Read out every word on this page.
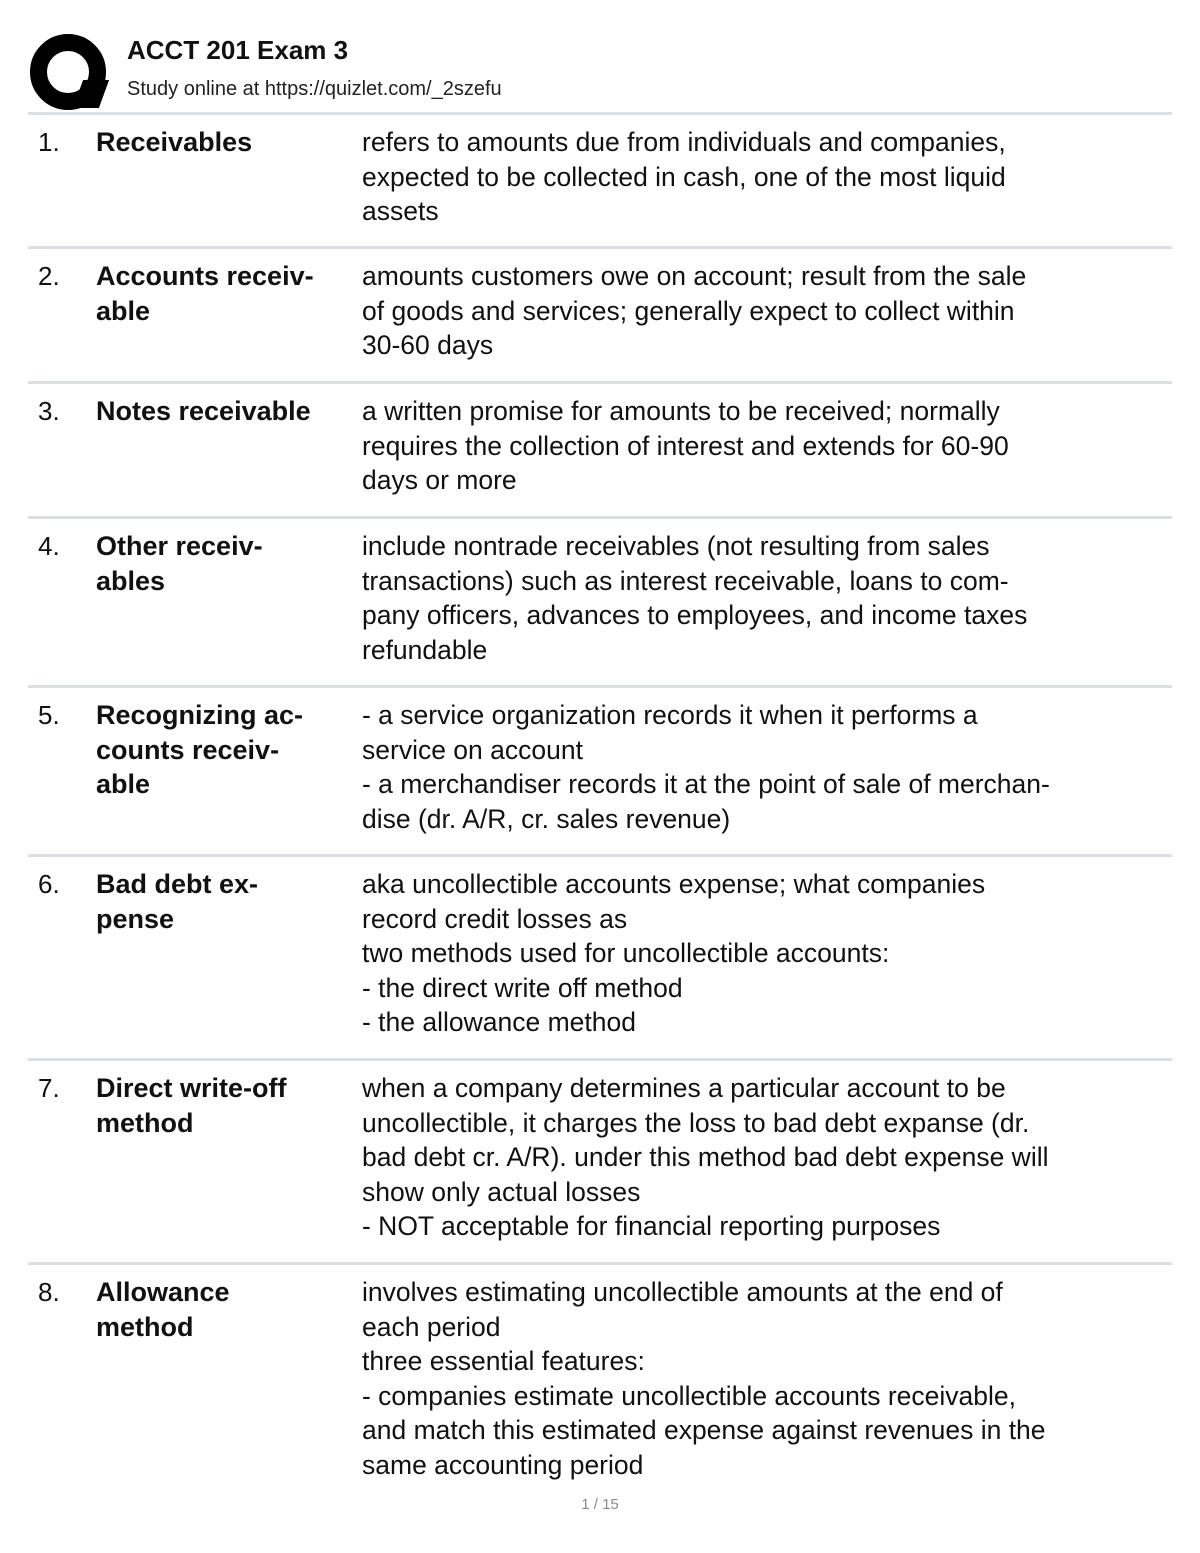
ACCT 201 Exam 3
Study online at https://quizlet.com/_2szefu
1. Receivables	refers to amounts due from individuals and companies,
expected to be collected in cash, one of the most liquid
assets
2. Accounts receiv-
able
amounts customers owe on account; result from the sale
of goods and services; generally expect to collect within
30-60 days
3. Notes receivable	a written promise for amounts to be received; normally
requires the collection of interest and extends for 60-90
days or more
4. Other receiv-
ables
include nontrade receivables (not resulting from sales
transactions) such as interest receivable, loans to com-
pany officers, advances to employees, and income taxes
refundable
5. Recognizing ac-
counts receiv-
able
- a service organization records it when it performs a
service on account
- a merchandiser records it at the point of sale of merchan-
dise (dr. A/R, cr. sales revenue)
6. Bad debt ex-
pense
aka uncollectible accounts expense; what companies
record credit losses as
two methods used for uncollectible accounts:
- the direct write off method
- the allowance method
7. Direct write-off
method
when a company determines a particular account to be
uncollectible, it charges the loss to bad debt expanse (dr.
bad debt cr. A/R). under this method bad debt expense will
show only actual losses
- NOT acceptable for financial reporting purposes
8. Allowance
method
involves estimating uncollectible amounts at the end of
each period
three essential features:
- companies estimate uncollectible accounts receivable,
and match this estimated expense against revenues in the
same accounting period
1 / 15
